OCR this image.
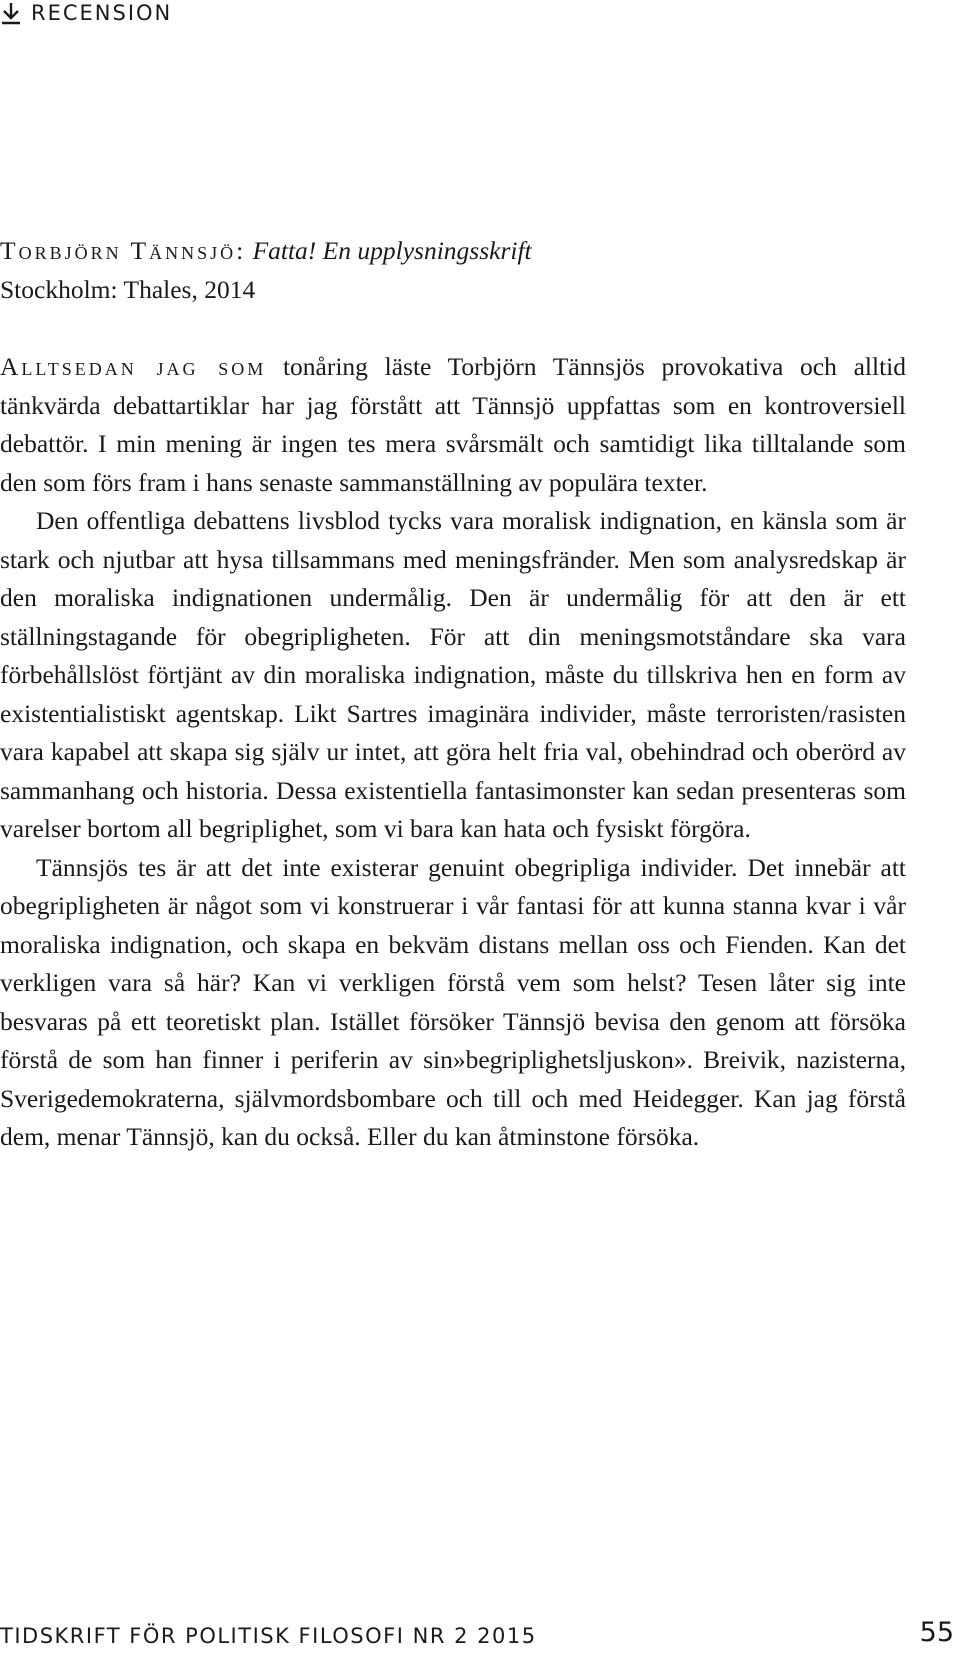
RECENSION
Torbjörn Tännsjö: Fatta! En upplysningsskrift
Stockholm: Thales, 2014

Alltsedan jag som tonåring läste Torbjörn Tännsjös provokativa och alltid tänkvärda debattartiklar har jag förstått att Tännsjö uppfattas som en kontroversiell debattör. I min mening är ingen tes mera svårsmält och samtidigt lika tilltalande som den som förs fram i hans senaste sammanställning av populära texter.

Den offentliga debattens livsblod tycks vara moralisk indignation, en känsla som är stark och njutbar att hysa tillsammans med meningsfränder. Men som analysredskap är den moraliska indignationen undermålig. Den är undermålig för att den är ett ställningstagande för obegripligheten. För att din meningsmotståndare ska vara förbehållslöst förtjänt av din moraliska indignation, måste du tillskriva hen en form av existentialistiskt agentskap. Likt Sartres imaginära individer, måste terroristen/rasisten vara kapabel att skapa sig själv ur intet, att göra helt fria val, obehindrad och oberörd av sammanhang och historia. Dessa existentiella fantasimonster kan sedan presenteras som varelser bortom all begriplighet, som vi bara kan hata och fysiskt förgöra.

Tännsjös tes är att det inte existerar genuint obegripliga individer. Det innebär att obegripligheten är något som vi konstruerar i vår fantasi för att kunna stanna kvar i vår moraliska indignation, och skapa en bekväm distans mellan oss och Fienden. Kan det verkligen vara så här? Kan vi verkligen förstå vem som helst? Tesen låter sig inte besvaras på ett teoretiskt plan. Istället försöker Tännsjö bevisa den genom att försöka förstå de som han finner i periferin av sin»begriplighetsljuskon». Breivik, nazisterna, Sverigedemokraterna, självmordsbombare och till och med Heidegger. Kan jag förstå dem, menar Tännsjö, kan du också. Eller du kan åtminstone försöka.

TIDSKRIFT FÖR POLITISK FILOSOFI NR 2 2015	55
